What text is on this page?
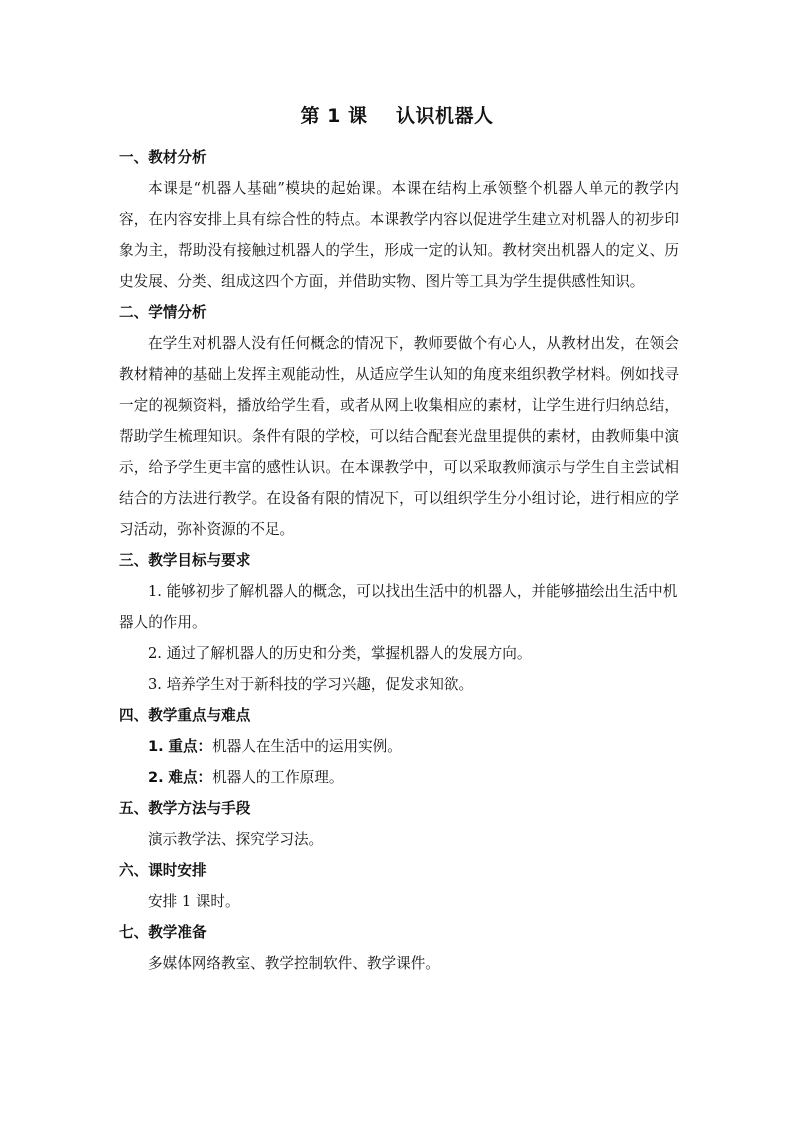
第 1 课    认识机器人

一、教材分析

本课是“机器人基础”模块的起始课。本课在结构上承领整个机器人单元的教学内容，在内容安排上具有综合性的特点。本课教学内容以促进学生建立对机器人的初步印象为主，帮助没有接触过机器人的学生，形成一定的认知。教材突出机器人的定义、历史发展、分类、组成这四个方面，并借助实物、图片等工具为学生提供感性知识。

二、学情分析

在学生对机器人没有任何概念的情况下，教师要做个有心人，从教材出发，在领会教材精神的基础上发挥主观能动性，从适应学生认知的角度来组织教学材料。例如找寻一定的视频资料，播放给学生看，或者从网上收集相应的素材，让学生进行归纳总结，帮助学生梳理知识。条件有限的学校，可以结合配套光盘里提供的素材，由教师集中演示，给予学生更丰富的感性认识。在本课教学中，可以采取教师演示与学生自主尝试相结合的方法进行教学。在设备有限的情况下，可以组织学生分小组讨论，进行相应的学习活动，弥补资源的不足。

三、教学目标与要求

1. 能够初步了解机器人的概念，可以找出生活中的机器人，并能够描绘出生活中机器人的作用。

2. 通过了解机器人的历史和分类，掌握机器人的发展方向。

3. 培养学生对于新科技的学习兴趣，促发求知欲。

四、教学重点与难点

1. 重点：机器人在生活中的运用实例。

2. 难点：机器人的工作原理。

五、教学方法与手段

演示教学法、探究学习法。

六、课时安排

安排 1 课时。

七、教学准备

多媒体网络教室、教学控制软件、教学课件。
